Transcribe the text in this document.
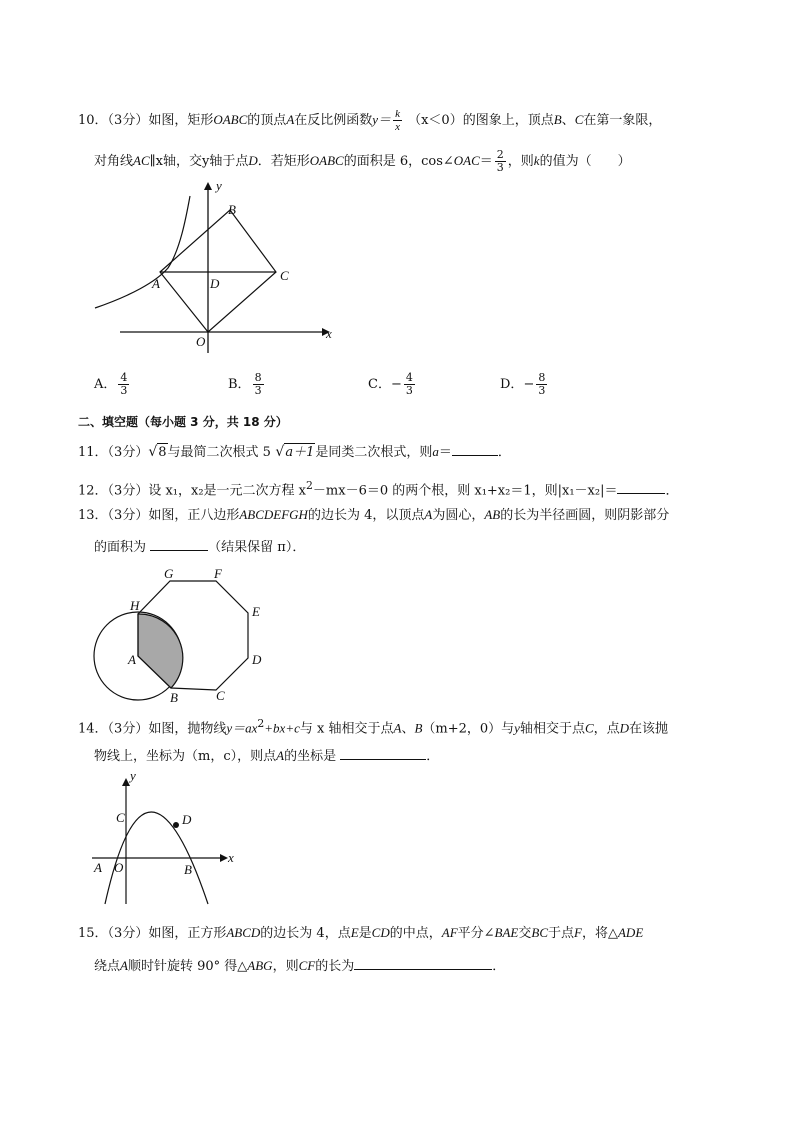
10．（3分）如图，矩形OABC的顶点A在反比例函数$y= \frac{k}{x} (x<0)$的图象上，顶点B、C在第一象限，
对角线AC∥x轴，交y轴于点D．若矩形OABC的面积是 6，cos∠OAC＝ $\frac{2}{3}$ ，则k的值为（　　）
y
x
B
A	D
C
O
A． $\frac{4}{3}$	B． $\frac{8}{3}$	C．− $\frac{4}{3}$	D．− $\frac{8}{3}$
二、填空题（每小题 3 分，共 18 分）
11．（3分）√8与最简二次根式 5 √a＋1是同类二次根式，则a＝	．
12．（3分）设 x₁，x₂是一元二次方程 $x^2-mx-6=0$ 的两个根，则 x₁+x₂＝1，则|x₁－x₂|＝	．
13．（3分）如图，正八边形ABCDEFGH的边长为 4，以顶点A为圆心，AB的长为半径画圆，则阴影部分
的面积为	（结果保留 π）．
G	F
H	E
A	D
B	C
14．（3分）如图，抛物线$y=ax^2+bx+c$与 x 轴相交于点A、B（m+2，0）与y轴相交于点C，点D在该抛
物线上，坐标为（m，c），则点A的坐标是	．
y
C	D
x
A O	B
15．（3分）如图，正方形ABCD的边长为 4，点E是CD的中点，AF平分∠BAE交BC于点F，将△ADE
绕点A顺时针旋转 90° 得△ABG，则CF的长为	．
